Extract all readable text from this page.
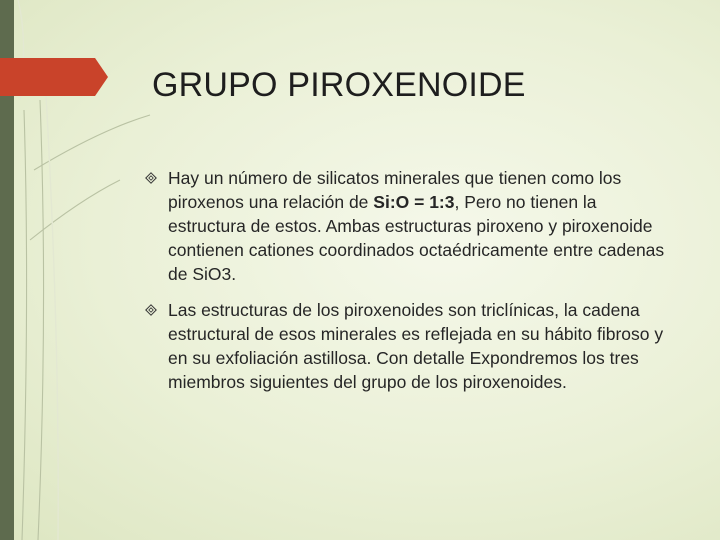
GRUPO PIROXENOIDE
Hay un número de silicatos minerales que tienen como los piroxenos una relación de Si:O = 1:3, Pero no tienen la estructura de estos. Ambas estructuras piroxeno y piroxenoide contienen cationes coordinados octaédricamente entre cadenas de SiO3.
Las estructuras de los piroxenoides son triclínicas, la cadena estructural de esos minerales es reflejada en su hábito fibroso y en su exfoliación astillosa. Con detalle Expondremos los tres miembros siguientes del grupo de los piroxenoides.
